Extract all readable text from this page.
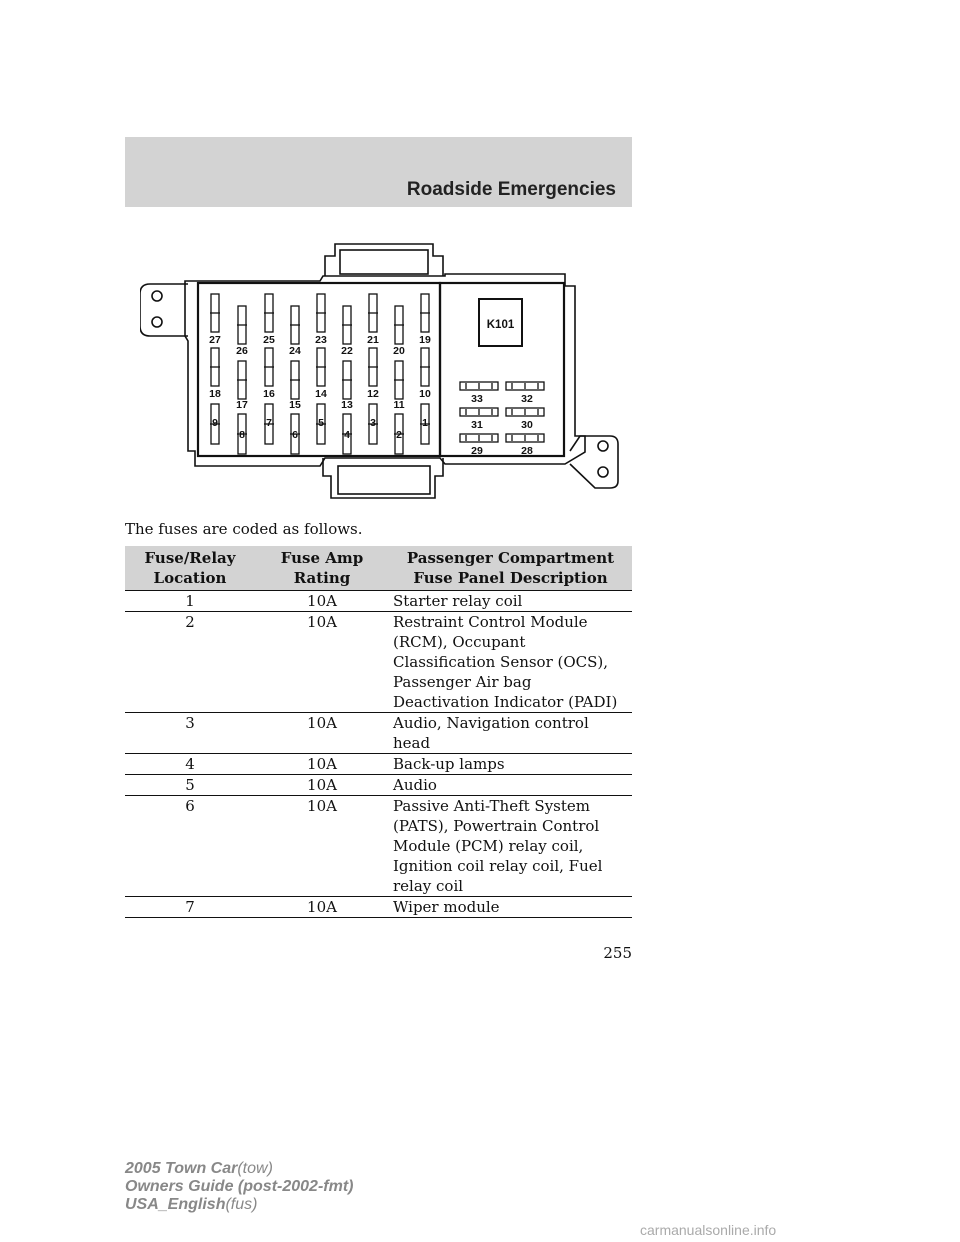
Roadside Emergencies
27
18
9
26
17
8
25
16
7
24
15
6
23
14
5
22
13
4
21
12
3
20
11
2
19
10
1
K101
33	32
31	30
29	28
The fuses are coded as follows.
Fuse/Relay Location	Fuse Amp Rating	Passenger Compartment Fuse Panel Description
1	10A	Starter relay coil
2	10A	Restraint Control Module (RCM), Occupant Classification Sensor (OCS), Passenger Air bag Deactivation Indicator (PADI)
3	10A	Audio, Navigation control head
4	10A	Back-up lamps
5	10A	Audio
6	10A	Passive Anti-Theft System (PATS), Powertrain Control Module (PCM) relay coil, Ignition coil relay coil, Fuel relay coil
7	10A	Wiper module
255
2005 Town Car(tow)
Owners Guide (post-2002-fmt)
USA_English(fus)
carmanualsonline.info
